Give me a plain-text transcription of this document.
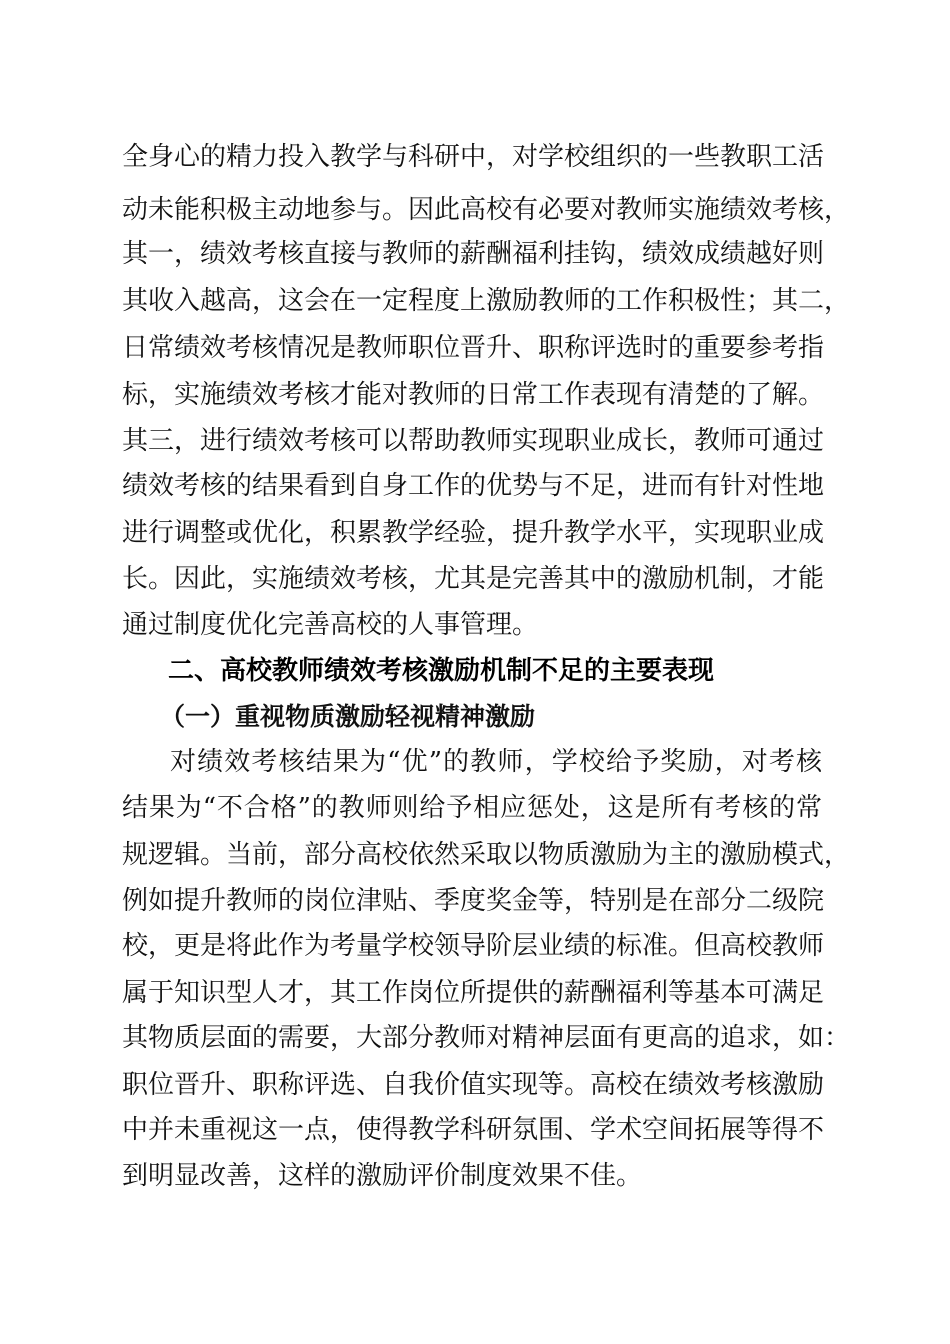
全身心的精力投入教学与科研中，对学校组织的一些教职工活
动未能积极主动地参与。因此高校有必要对教师实施绩效考核，
其一，绩效考核直接与教师的薪酬福利挂钩，绩效成绩越好则
其收入越高，这会在一定程度上激励教师的工作积极性；其二，
日常绩效考核情况是教师职位晋升、职称评选时的重要参考指
标，实施绩效考核才能对教师的日常工作表现有清楚的了解。
其三，进行绩效考核可以帮助教师实现职业成长，教师可通过
绩效考核的结果看到自身工作的优势与不足，进而有针对性地
进行调整或优化，积累教学经验，提升教学水平，实现职业成
长。因此，实施绩效考核，尤其是完善其中的激励机制，才能
通过制度优化完善高校的人事管理。
二、高校教师绩效考核激励机制不足的主要表现
（一）重视物质激励轻视精神激励
对绩效考核结果为“优”的教师，学校给予奖励，对考核
结果为“不合格”的教师则给予相应惩处，这是所有考核的常
规逻辑。当前，部分高校依然采取以物质激励为主的激励模式，
例如提升教师的岗位津贴、季度奖金等，特别是在部分二级院
校，更是将此作为考量学校领导阶层业绩的标准。但高校教师
属于知识型人才，其工作岗位所提供的薪酬福利等基本可满足
其物质层面的需要，大部分教师对精神层面有更高的追求，如：
职位晋升、职称评选、自我价值实现等。高校在绩效考核激励
中并未重视这一点，使得教学科研氛围、学术空间拓展等得不
到明显改善，这样的激励评价制度效果不佳。
